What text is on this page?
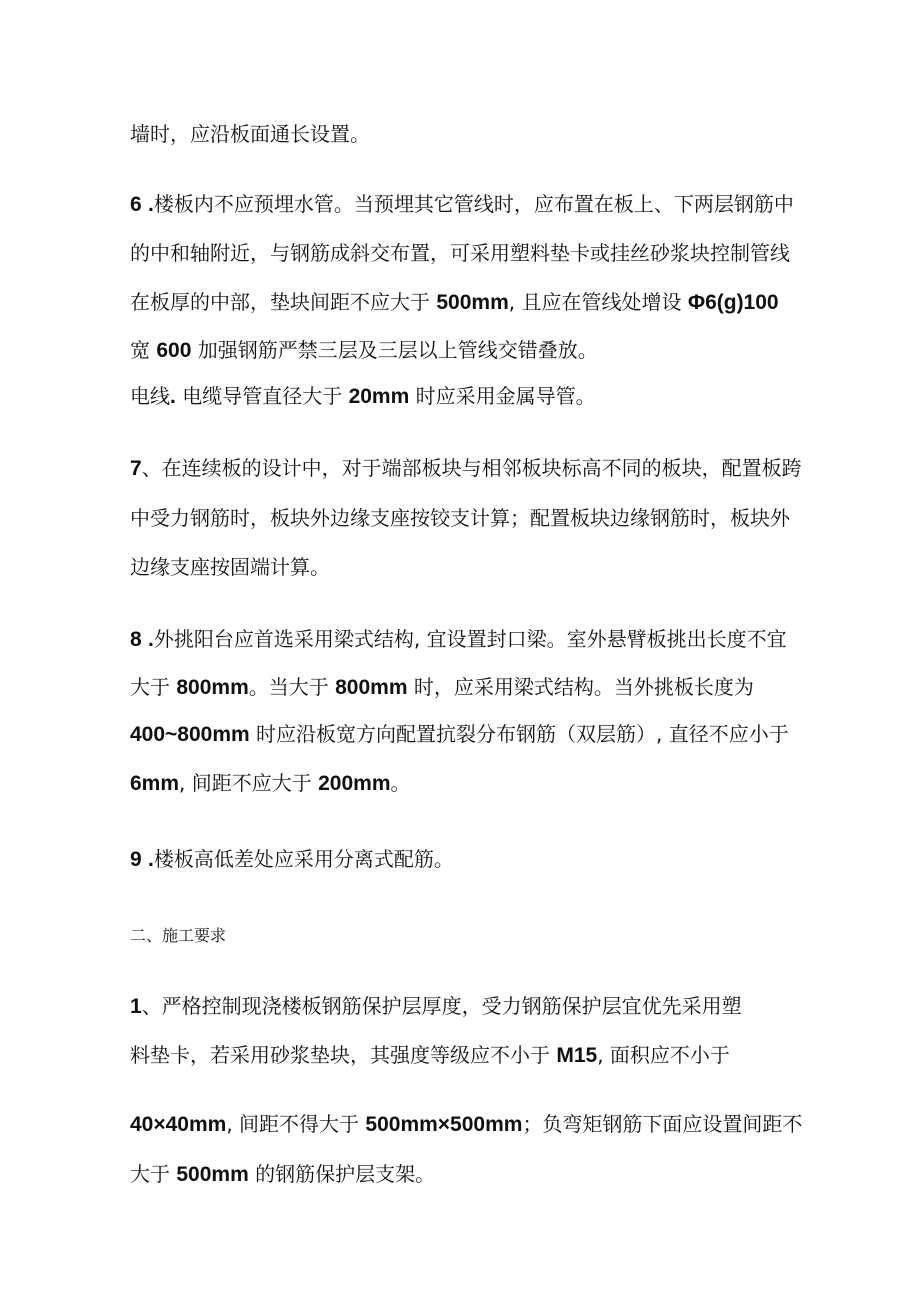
墙时，应沿板面通长设置。
6 .楼板内不应预埋水管。当预埋其它管线时，应布置在板上、下两层钢筋中
的中和轴附近，与钢筋成斜交布置，可采用塑料垫卡或挂丝砂浆块控制管线
在板厚的中部，垫块间距不应大于 500mm, 且应在管线处增设 Φ6(g)100
宽 600 加强钢筋严禁三层及三层以上管线交错叠放。
电线. 电缆导管直径大于 20mm 时应采用金属导管。
7、在连续板的设计中，对于端部板块与相邻板块标高不同的板块，配置板跨
中受力钢筋时，板块外边缘支座按铰支计算；配置板块边缘钢筋时，板块外
边缘支座按固端计算。
8 .外挑阳台应首选采用梁式结构, 宜设置封口梁。室外悬臂板挑出长度不宜
大于 800mm。当大于 800mm 时，应采用梁式结构。当外挑板长度为
400~800mm 时应沿板宽方向配置抗裂分布钢筋（双层筋）, 直径不应小于
6mm, 间距不应大于 200mm。
9 .楼板高低差处应采用分离式配筋。
二、施工要求
1、严格控制现浇楼板钢筋保护层厚度，受力钢筋保护层宜优先采用塑
料垫卡，若采用砂浆垫块，其强度等级应不小于 M15, 面积应不小于
40×40mm, 间距不得大于 500mm×500mm；负弯矩钢筋下面应设置间距不
大于 500mm 的钢筋保护层支架。
